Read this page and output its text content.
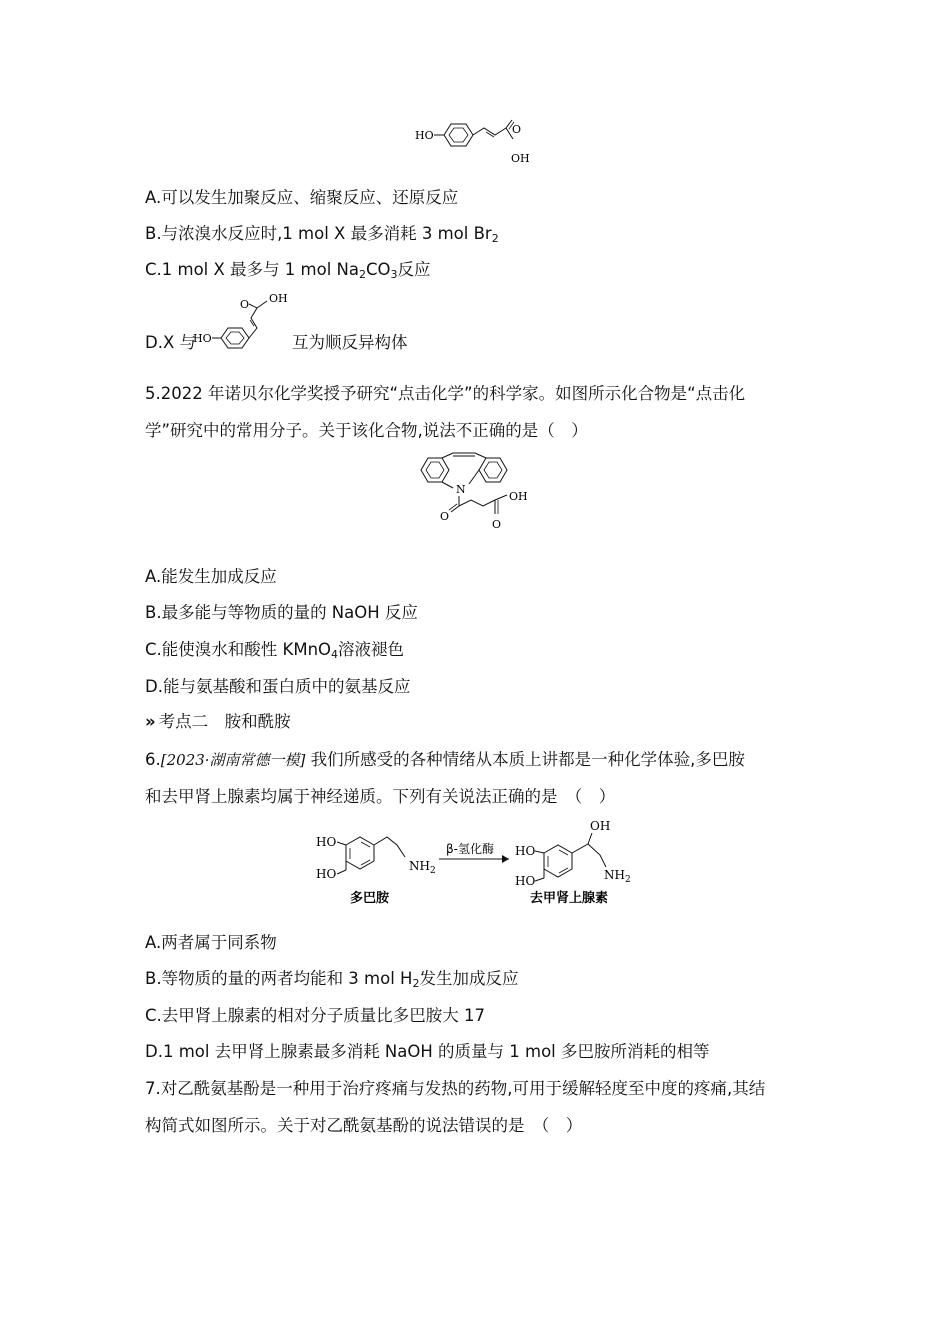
HO	O
OH
A.可以发生加聚反应、缩聚反应、还原反应
B.与浓溴水反应时,1 mol X 最多消耗 3 mol $Br_2$
C.1 mol X 最多与 1 mol $Na_2CO_3$反应
D.X 与
HO
O OH
互为顺反异构体
5.2022 年诺贝尔化学奖授予研究“点击化学”的科学家。如图所示化合物是“点击化
学”研究中的常用分子。关于该化合物,说法不正确的是（　）
N
O
O
OH
A.能发生加成反应
B.最多能与等物质的量的 NaOH 反应
C.能使溴水和酸性 KMnO$_4$溶液褪色
D.能与氨基酸和蛋白质中的氨基反应
» 考点二　胺和酰胺
6.[2023·湖南常德一模] 我们所感受的各种情绪从本质上讲都是一种化学体验,多巴胺
和去甲肾上腺素均属于神经递质。下列有关说法正确的是　（　）
HO
HO
$NH_2$
多巴胺
β-氢化酶 HO
HO
OH
$NH_2$
去甲肾上腺素
A.两者属于同系物
B.等物质的量的两者均能和 3 mol $H_2$发生加成反应
C.去甲肾上腺素的相对分子质量比多巴胺大 17
D.1 mol 去甲肾上腺素最多消耗 NaOH 的质量与 1 mol 多巴胺所消耗的相等
7.对乙酰氨基酚是一种用于治疗疼痛与发热的药物,可用于缓解轻度至中度的疼痛,其结
构简式如图所示。关于对乙酰氨基酚的说法错误的是　（　）
